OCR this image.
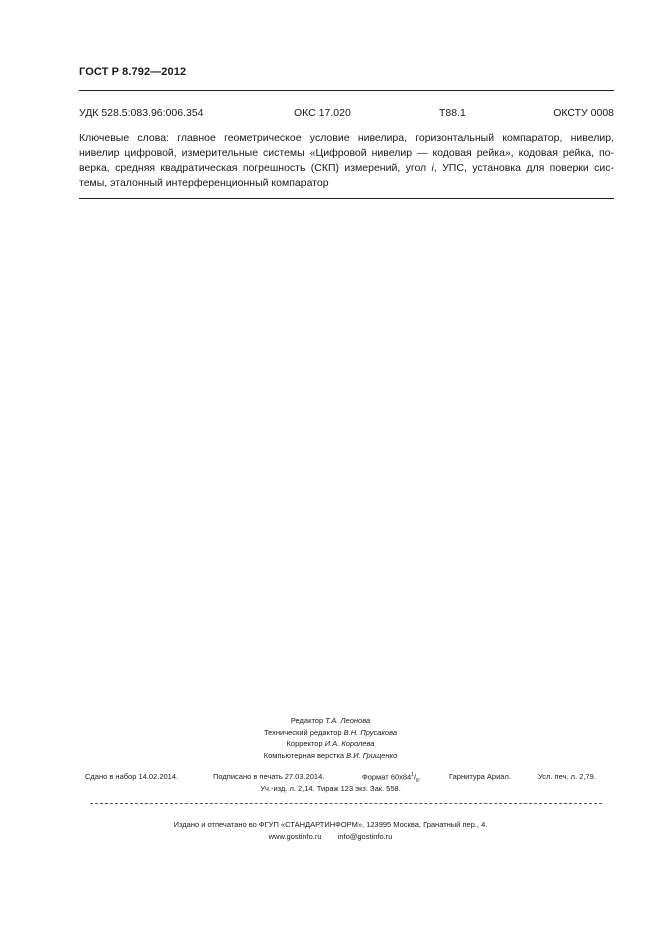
ГОСТ Р 8.792—2012
УДК 528.5:083.96:006.354	ОКС 17.020	Т88.1	ОКСТУ 0008
Ключевые слова: главное геометрическое условие нивелира, горизонтальный компаратор, нивелир,
нивелир цифровой, измерительные системы «Цифровой нивелир — кодовая рейка», кодовая рейка, по-
верка, средняя квадратическая погрешность (СКП) измерений, угол i, УПС, установка для поверки сис-
темы, эталонный интерференционный компаратор
Редактор Т.А. Леонова
Технический редактор В.Н. Прусакова
Корректор И.А. Королева
Компьютерная верстка В.И. Грищенко
Сдано в набор 14.02.2014.	Подписано в печать 27.03.2014.	Формат $60x84^1/_8$.	Гарнитура Ариал.	Усл. печ. л. 2,79.
Уч.-изд. л. 2,14. Тираж 123 экз. Зак. 558.
Издано и отпечатано во ФГУП «СТАНДАРТИНФОРМ», 123995 Москва, Гранатный пер., 4.
www.gostinfo.ru info@gostinfo.ru
